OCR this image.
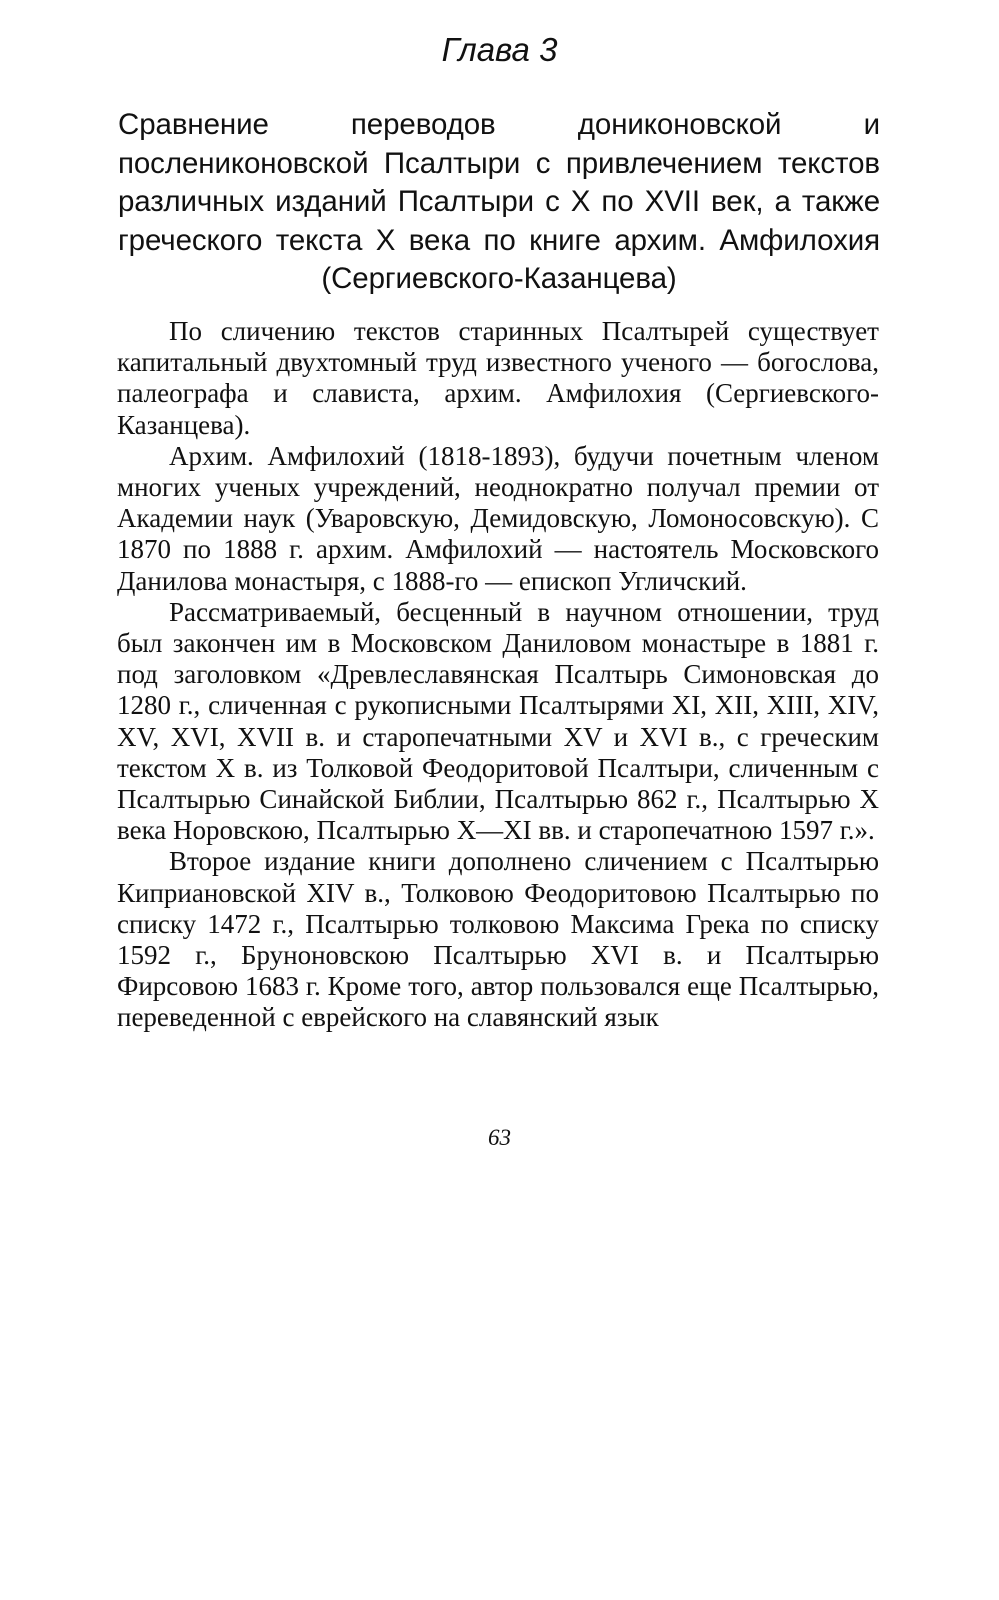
Глава 3
Сравнение переводов дониконовской и послениконовской Псалтыри с привлечением текстов различных изданий Псалтыри с X по XVII век, а также греческого текста X века по книге архим. Амфилохия (Сергиевского-Казанцева)

По сличению текстов старинных Псалтырей существует капитальный двухтомный труд известного ученого — богослова, палеографа и слависта, архим. Амфилохия (Сергиевского-Казанцева).

Архим. Амфилохий (1818-1893), будучи почетным членом многих ученых учреждений, неоднократно получал премии от Академии наук (Уваровскую, Демидовскую, Ломоносовскую). С 1870 по 1888 г. архим. Амфилохий — настоятель Московского Данилова монастыря, с 1888-го — епископ Угличский.

Рассматриваемый, бесценный в научном отношении, труд был закончен им в Московском Даниловом монастыре в 1881 г. под заголовком «Древлеславянская Псалтырь Симоновская до 1280 г., сличенная с рукописными Псалтырями XI, XII, XIII, XIV, XV, XVI, XVII в. и старопечатными XV и XVI в., с греческим текстом X в. из Толковой Феодоритовой Псалтыри, сличенным с Псалтырью Синайской Библии, Псалтырью 862 г., Псалтырью X века Норовскою, Псалтырью X—XI вв. и старопечатною 1597 г.».

Второе издание книги дополнено сличением с Псалтырью Киприановской XIV в., Толковою Феодоритовою Псалтырью по списку 1472 г., Псалтырью толковою Максима Грека по списку 1592 г., Бруноновскою Псалтырью XVI в. и Псалтырью Фирсовою 1683 г. Кроме того, автор пользовался еще Псалтырью, переведенной с еврейского на славянский язык

63
